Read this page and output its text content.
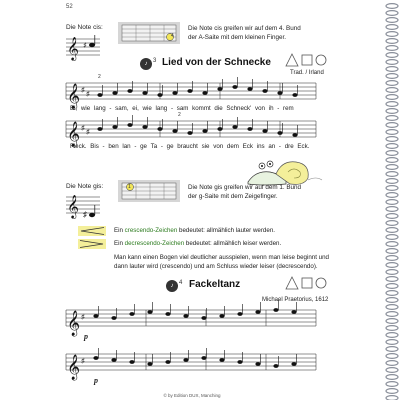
52
Die Note cis:
𝄞 ♯
4
Die Note cis greifen wir auf dem 4. Bund
der A-Saite mit dem kleinen Finger.
♪ 3 Lied von der Schnecke
Trad. / Irland
𝄞 ♯
♯
2
Ei, wie lang - sam, ei, wie lang - sam kommt die Schneck' von ih - rem
𝄞 ♯
♯
2
Fleck. Bis - ben lan - ge Ta - ge braucht sie von dem Eck ins an - dre Eck.
Die Note gis:
𝄞 ♯
1	Die Note gis greifen wir auf dem 1. Bund
der g-Saite mit dem Zeigefinger.
Ein crescendo-Zeichen bedeutet: allmählich lauter werden.
Ein decrescendo-Zeichen bedeutet: allmählich leiser werden.
Man kann einen Bogen viel deutlicher ausspielen, wenn man leise beginnt und
dann lauter wird (crescendo) und am Schluss wieder leiser (decrescendo).
♪ 4 Fackeltanz
Michael Praetorius, 1612
𝄞 ♯
p
𝄞 ♯
p
© by Edition DUX, Manching
